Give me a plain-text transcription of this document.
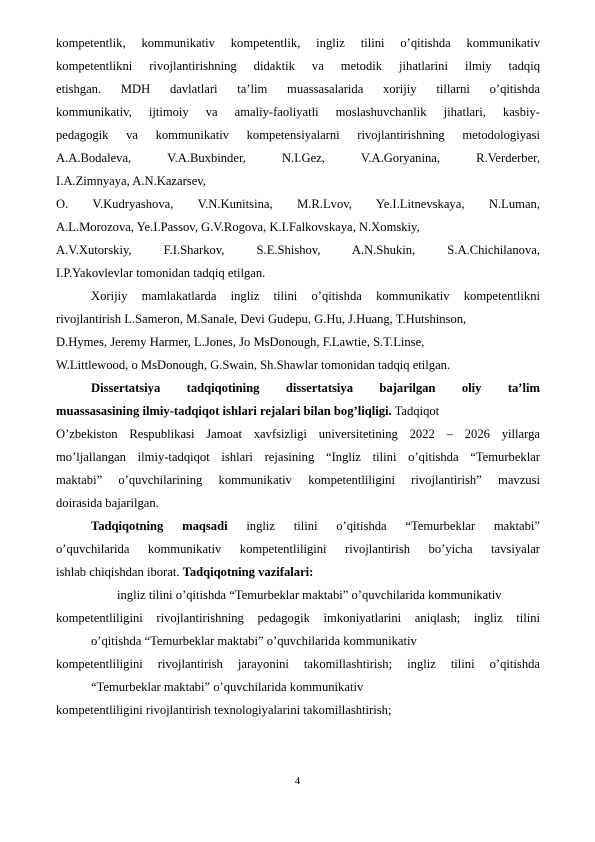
kompetentlik, kommunikativ kompetentlik, ingliz tilini o’qitishda kommunikativ
kompetentlikni rivojlantirishning didaktik va metodik jihatlarini ilmiy tadqiq
etishgan. MDH davlatlari ta’lim muassasalarida xorijiy tillarni o’qitishda
kommunikativ, ijtimoiy va amaliy-faoliyatli moslashuvchanlik jihatlari, kasbiy-
pedagogik va kommunikativ kompetensiyalarni rivojlantirishning metodologiyasi
A.A.Bodaleva, V.A.Buxbinder, N.I.Gez, V.A.Goryanina, R.Verderber,
I.A.Zimnyaya, A.N.Kazarsev,
O. V.Kudryashova, V.N.Kunitsina, M.R.Lvov, Ye.I.Litnevskaya, N.Luman,
A.L.Morozova, Ye.I.Passov, G.V.Rogova, K.I.Falkovskaya, N.Xomskiy,
A.V.Xutorskiy, F.I.Sharkov, S.E.Shishov, A.N.Shukin, S.A.Chichilanova,
I.P.Yakovlevlar tomonidan tadqiq etilgan.
Xorijiy mamlakatlarda ingliz tilini o’qitishda kommunikativ kompetentlikni
rivojlantirish L.Sameron, M.Sanale, Devi Gudepu, G.Hu, J.Huang, T.Hutshinson,
D.Hymes, Jeremy Harmer, L.Jones, Jo MsDonough, F.Lawtie, S.T.Linse,
W.Littlewood, o MsDonough, G.Swain, Sh.Shawlar tomonidan tadqiq etilgan.
Dissertatsiya tadqiqotining dissertatsiya bajarilgan oliy ta’lim
muassasasining ilmiy-tadqiqot ishlari rejalari bilan bog’liqligi. Tadqiqot
O’zbekiston Respublikasi Jamoat xavfsizligi universitetining 2022 – 2026 yillarga
mo’ljallangan ilmiy-tadqiqot ishlari rejasining “Ingliz tilini o’qitishda “Temurbeklar
maktabi” o’quvchilarining kommunikativ kompetentliligini rivojlantirish” mavzusi
doirasida bajarilgan.
Tadqiqotning maqsadi ingliz tilini o’qitishda “Temurbeklar maktabi”
o’quvchilarida kommunikativ kompetentliligini rivojlantirish bo’yicha tavsiyalar
ishlab chiqishdan iborat. Tadqiqotning vazifalari:
ingliz tilini o’qitishda “Temurbeklar maktabi” o’quvchilarida kommunikativ
kompetentliligini rivojlantirishning pedagogik imkoniyatlarini aniqlash; ingliz tilini
o’qitishda “Temurbeklar maktabi” o’quvchilarida kommunikativ
kompetentliligini rivojlantirish jarayonini takomillashtirish; ingliz tilini o’qitishda
“Temurbeklar maktabi” o’quvchilarida kommunikativ
kompetentliligini rivojlantirish texnologiyalarini takomillashtirish;
4
